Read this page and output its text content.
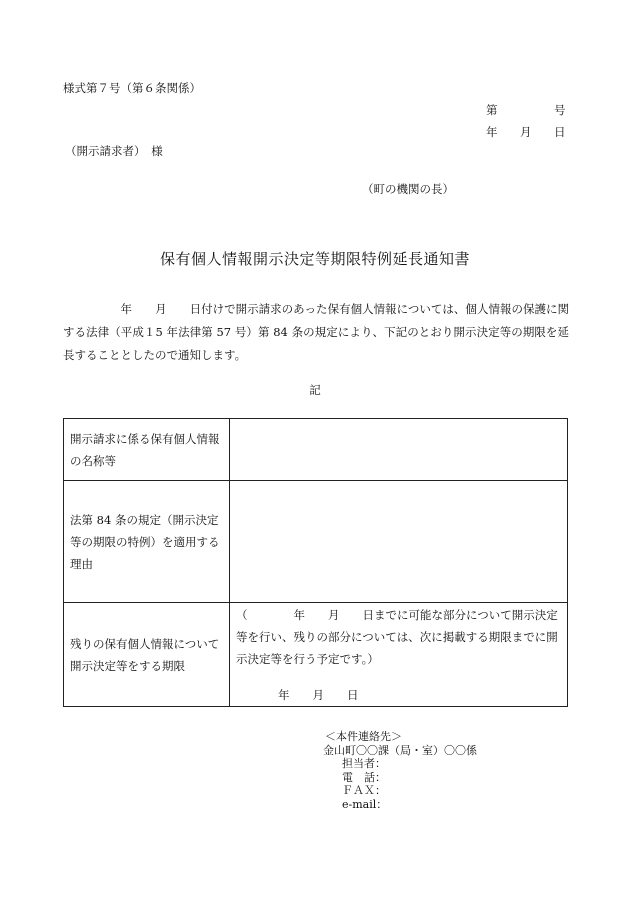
様式第７号（第６条関係）
第	号
年 月 日
（開示請求者）　様
（町の機関の長）
保有個人情報開示決定等期限特例延長通知書
　　　　　年　　月　　日付けで開示請求のあった保有個人情報については、個人情報の保護に関する法律（平成１5 年法律第 57 号）第 84 条の規定により、下記のとおり開示決定等の期限を延長することとしたので通知します。
記
開示請求に係る保有個人情報の名称等	
法第 84 条の規定（開示決定等の期限の特例）を適用する理由	
残りの保有個人情報について開示決定等をする期限	（　　　　年　　月　　日までに可能な部分について開示決定等を行い、残りの部分については、次に掲載する期限までに開示決定等を行う予定です。）
年　　月　　日
＜本件連絡先＞
金山町〇〇課（局・室）〇〇係
　担当者：
　電　話：
　ＦＡＸ：
　e-mail：
